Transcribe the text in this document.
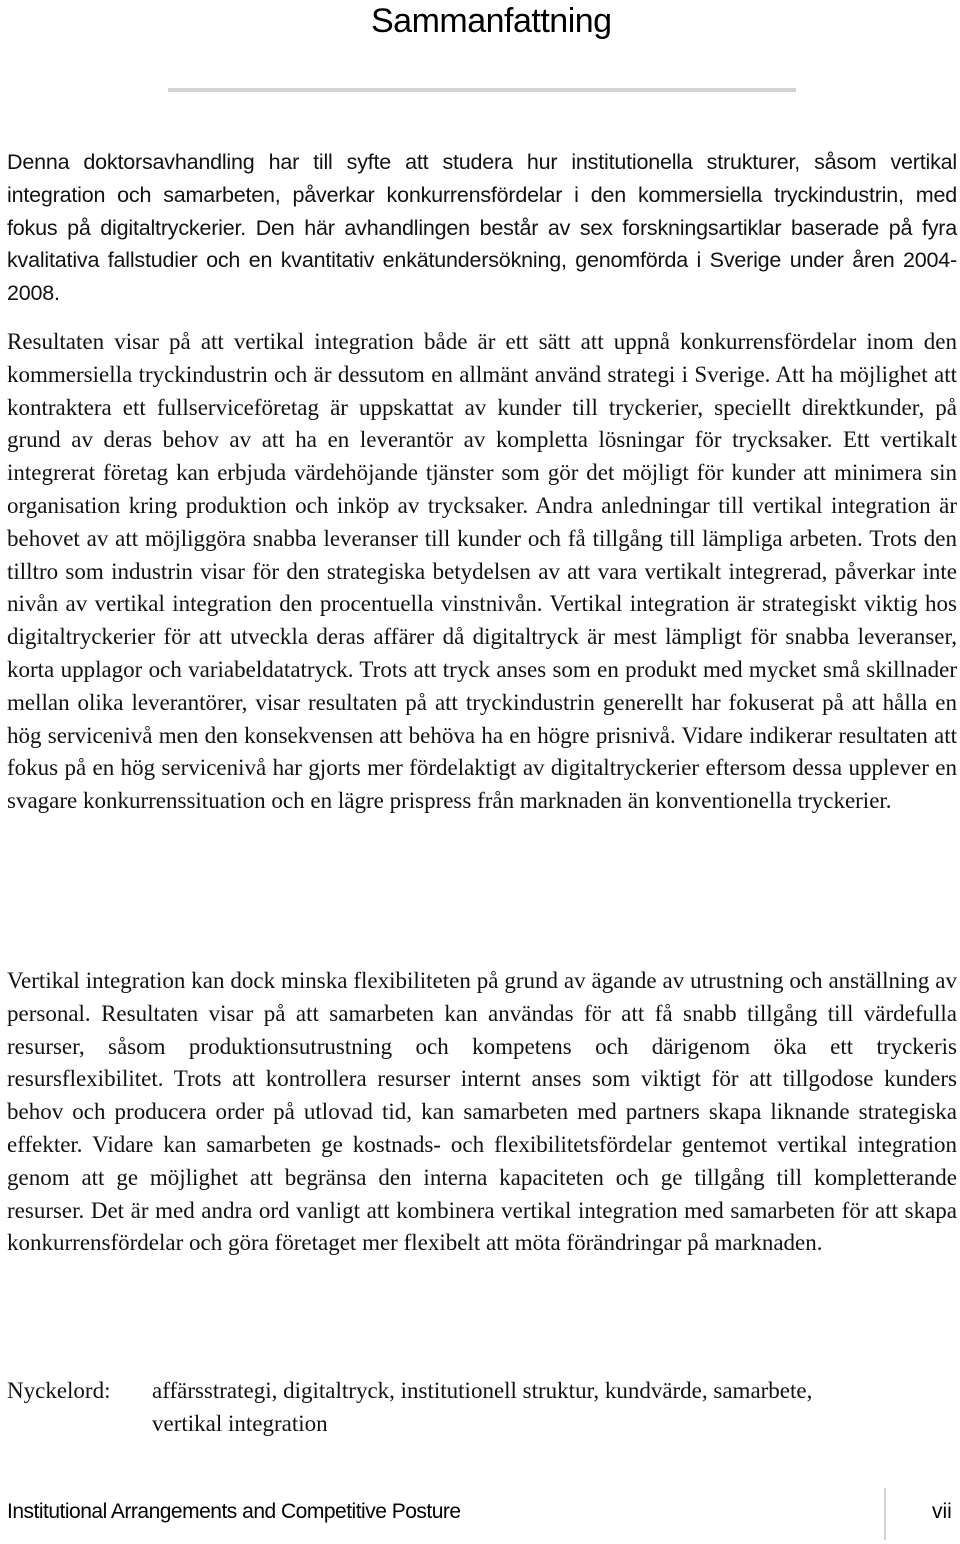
Sammanfattning

Denna doktorsavhandling har till syfte att studera hur institutionella strukturer, såsom vertikal integration och samarbeten, påverkar konkurrensfördelar i den kommersiella tryckindustrin, med fokus på digitaltryckerier. Den här avhandlingen består av sex forskningsartiklar baserade på fyra kvalitativa fallstudier och en kvantitativ enkätundersökning, genomförda i Sverige under åren 2004-2008.

Resultaten visar på att vertikal integration både är ett sätt att uppnå konkurrensfördelar inom den kommersiella tryckindustrin och är dessutom en allmänt använd strategi i Sverige. Att ha möjlighet att kontraktera ett fullserviceföretag är uppskattat av kunder till tryckerier, speciellt direktkunder, på grund av deras behov av att ha en leverantör av kompletta lösningar för trycksaker. Ett vertikalt integrerat företag kan erbjuda värdehöjande tjänster som gör det möjligt för kunder att minimera sin organisation kring produktion och inköp av trycksaker. Andra anledningar till vertikal integration är behovet av att möjliggöra snabba leveranser till kunder och få tillgång till lämpliga arbeten. Trots den tilltro som industrin visar för den strategiska betydelsen av att vara vertikalt integrerad, påverkar inte nivån av vertikal integration den procentuella vinstnivån. Vertikal integration är strategiskt viktig hos digitaltryckerier för att utveckla deras affärer då digitaltryck är mest lämpligt för snabba leveranser, korta upplagor och variabeldatatryck. Trots att tryck anses som en produkt med mycket små skillnader mellan olika leverantörer, visar resultaten på att tryckindustrin generellt har fokuserat på att hålla en hög servicenivå men den konsekvensen att behöva ha en högre prisnivå. Vidare indikerar resultaten att fokus på en hög servicenivå har gjorts mer fördelaktigt av digitaltryckerier eftersom dessa upplever en svagare konkurrenssituation och en lägre prispress från marknaden än konventionella tryckerier.

Vertikal integration kan dock minska flexibiliteten på grund av ägande av utrustning och anställning av personal. Resultaten visar på att samarbeten kan användas för att få snabb tillgång till värdefulla resurser, såsom produktionsutrustning och kompetens och därigenom öka ett tryckeris resursflexibilitet. Trots att kontrollera resurser internt anses som viktigt för att tillgodose kunders behov och producera order på utlovad tid, kan samarbeten med partners skapa liknande strategiska effekter. Vidare kan samarbeten ge kostnads- och flexibilitetsfördelar gentemot vertikal integration genom att ge möjlighet att begränsa den interna kapaciteten och ge tillgång till kompletterande resurser. Det är med andra ord vanligt att kombinera vertikal integration med samarbeten för att skapa konkurrensfördelar och göra företaget mer flexibelt att möta förändringar på marknaden.

Nyckelord:	affärsstrategi, digitaltryck, institutionell struktur, kundvärde, samarbete, vertikal integration
Institutional Arrangements and Competitive Posture	vii
